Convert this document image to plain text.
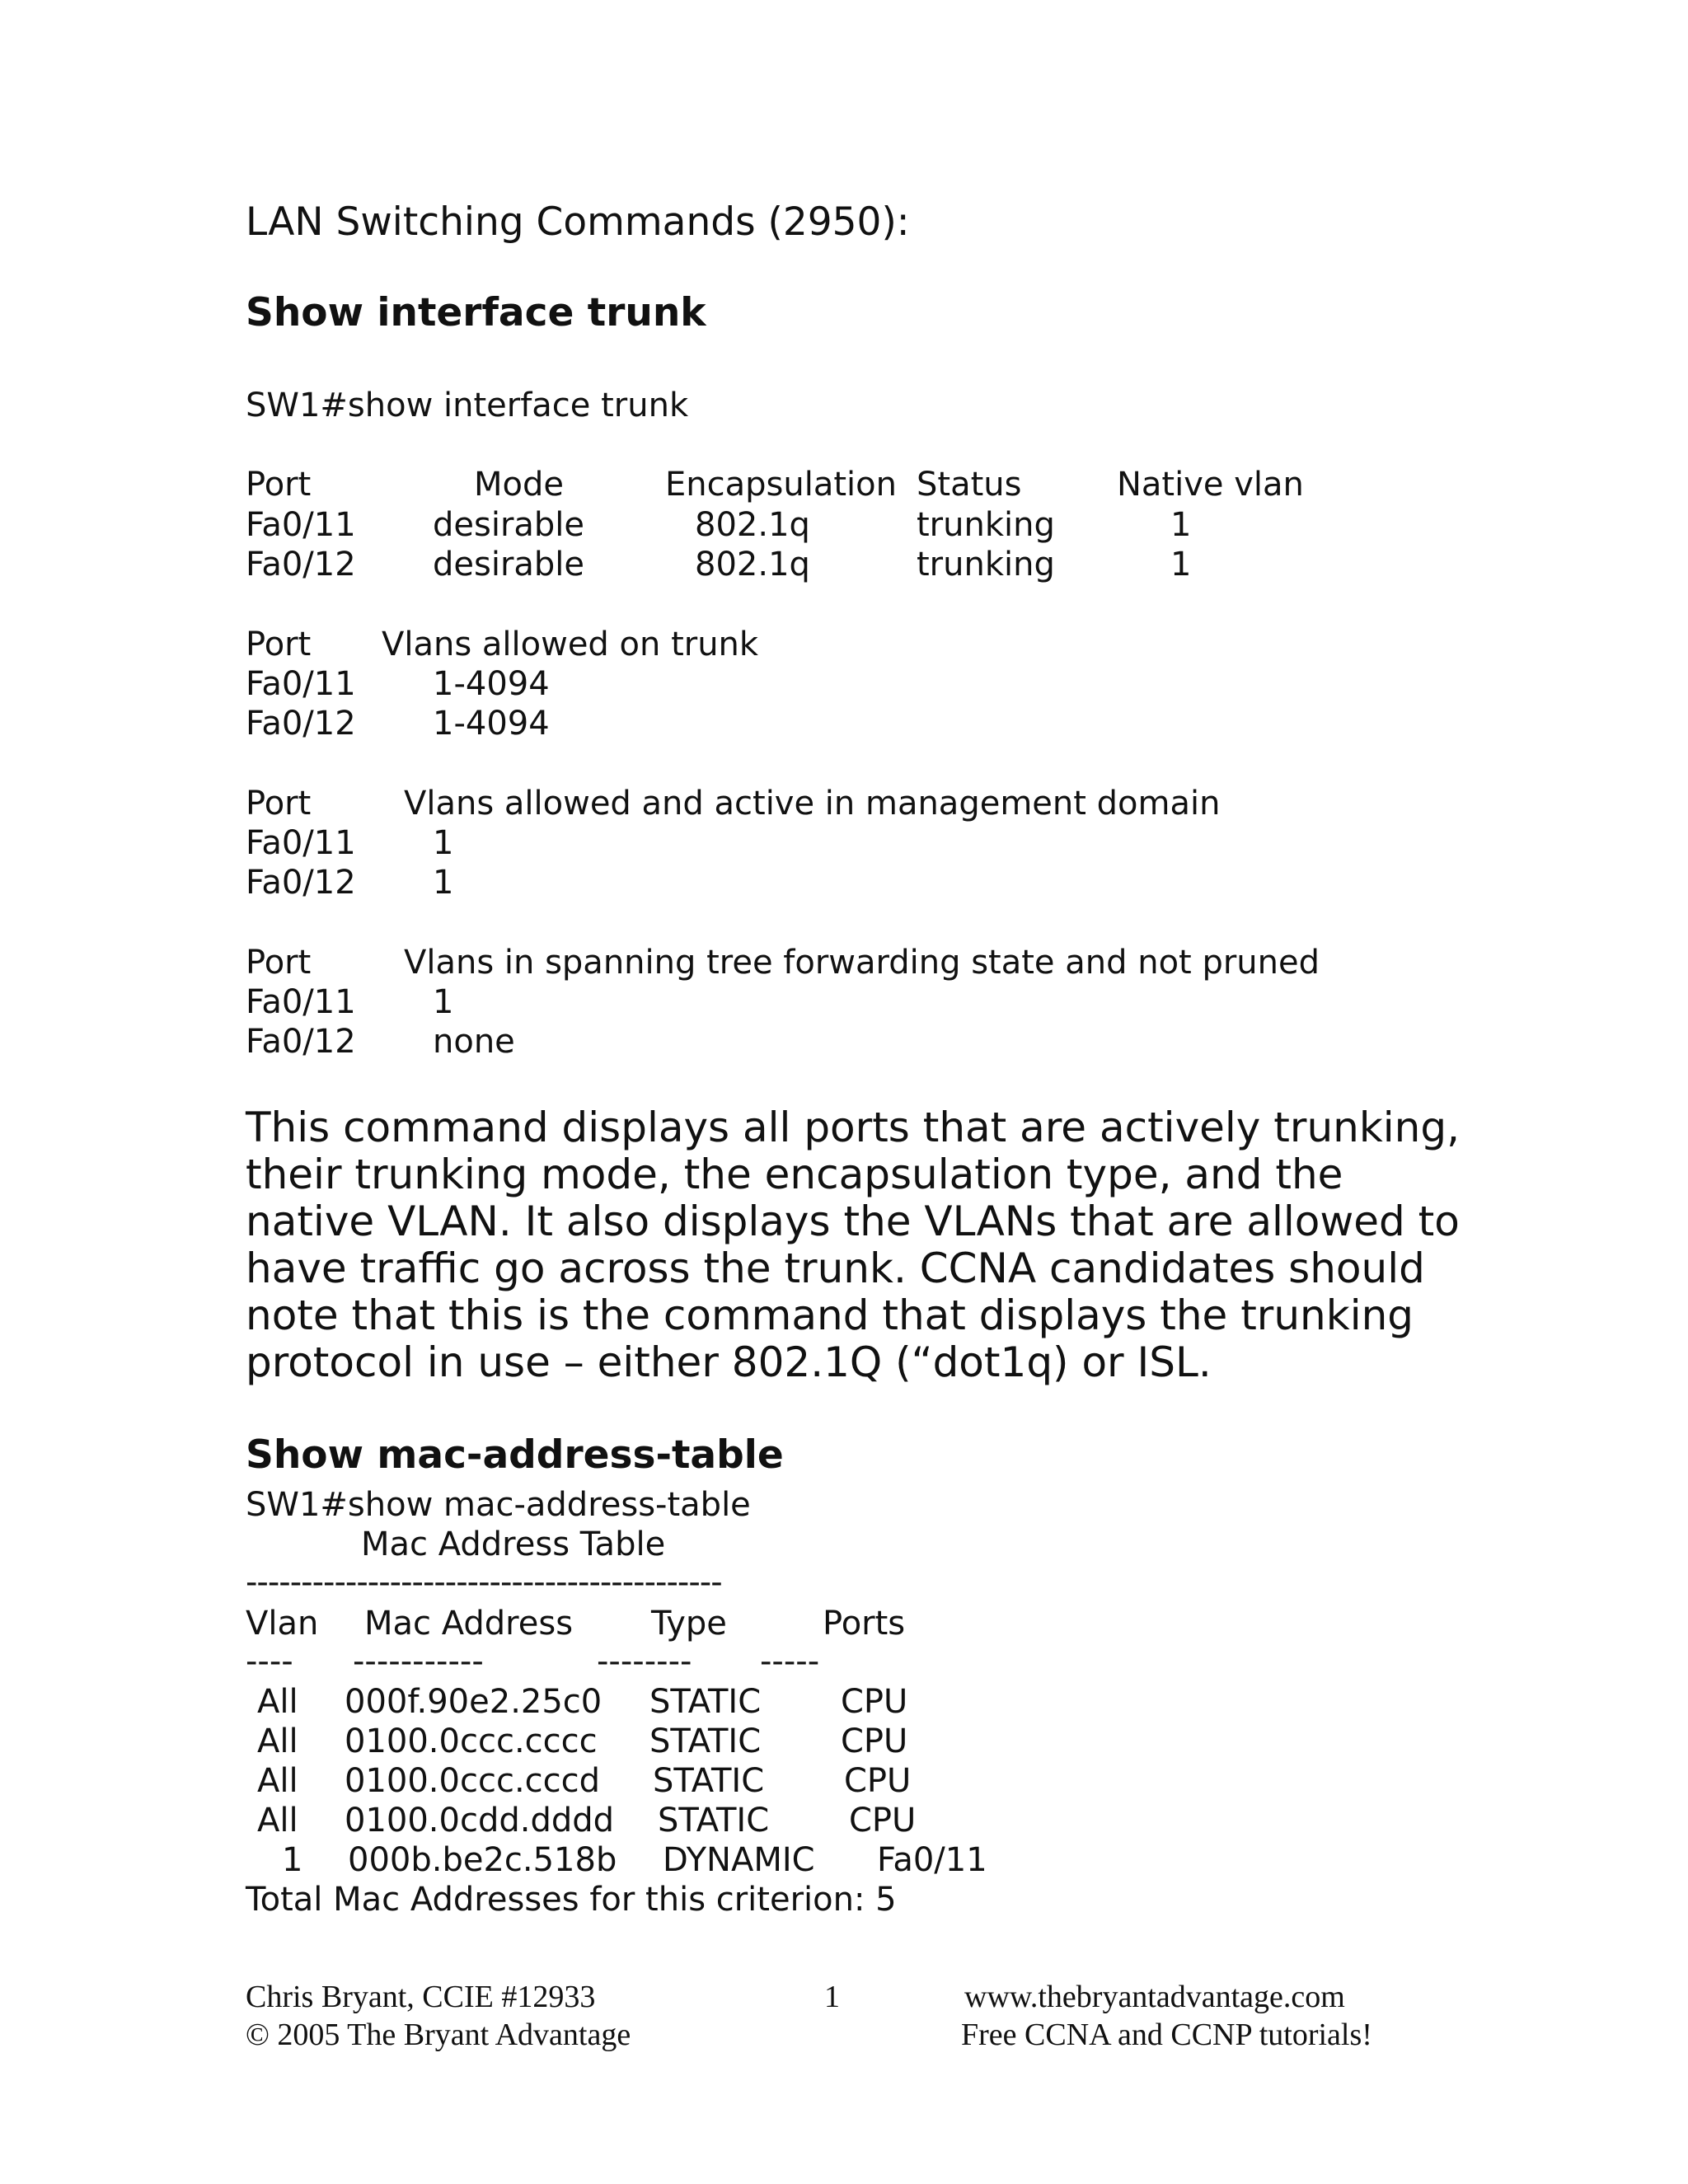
LAN Switching Commands (2950):
Show interface trunk
SW1#show interface trunk
Port	Mode	Encapsulation Status	Native vlan
Fa0/11 desirable	802.1q	trunking	1
Fa0/12 desirable	802.1q	trunking	1
Port Vlans allowed on trunk
Fa0/11 1-4094
Fa0/12 1-4094
Port	Vlans allowed and active in management domain
Fa0/11 1
Fa0/12 1
Port	Vlans in spanning tree forwarding state and not pruned
Fa0/11 1
Fa0/12 none
This command displays all ports that are actively trunking, their trunking mode, the encapsulation type, and the native VLAN. It also displays the VLANs that are allowed to have traffic go across the trunk. CCNA candidates should note that this is the command that displays the trunking protocol in use – either 802.1Q (“dot1q) or ISL.
Show mac-address-table
SW1#show mac-address-table
Mac Address Table
-------------------------------------------
Vlan Mac Address Type	Ports
---- -----------	-------- -----
All 000f.90e2.25c0 STATIC CPU
All 0100.0ccc.cccc STATIC CPU
All 0100.0ccc.cccd STATIC CPU
All 0100.0cdd.dddd STATIC CPU
1 000b.be2c.518b DYNAMIC Fa0/11
Total Mac Addresses for this criterion: 5
Chris Bryant, CCIE #12933
© 2005 The Bryant Advantage
1	www.thebryantadvantage.com
Free CCNA and CCNP tutorials!
